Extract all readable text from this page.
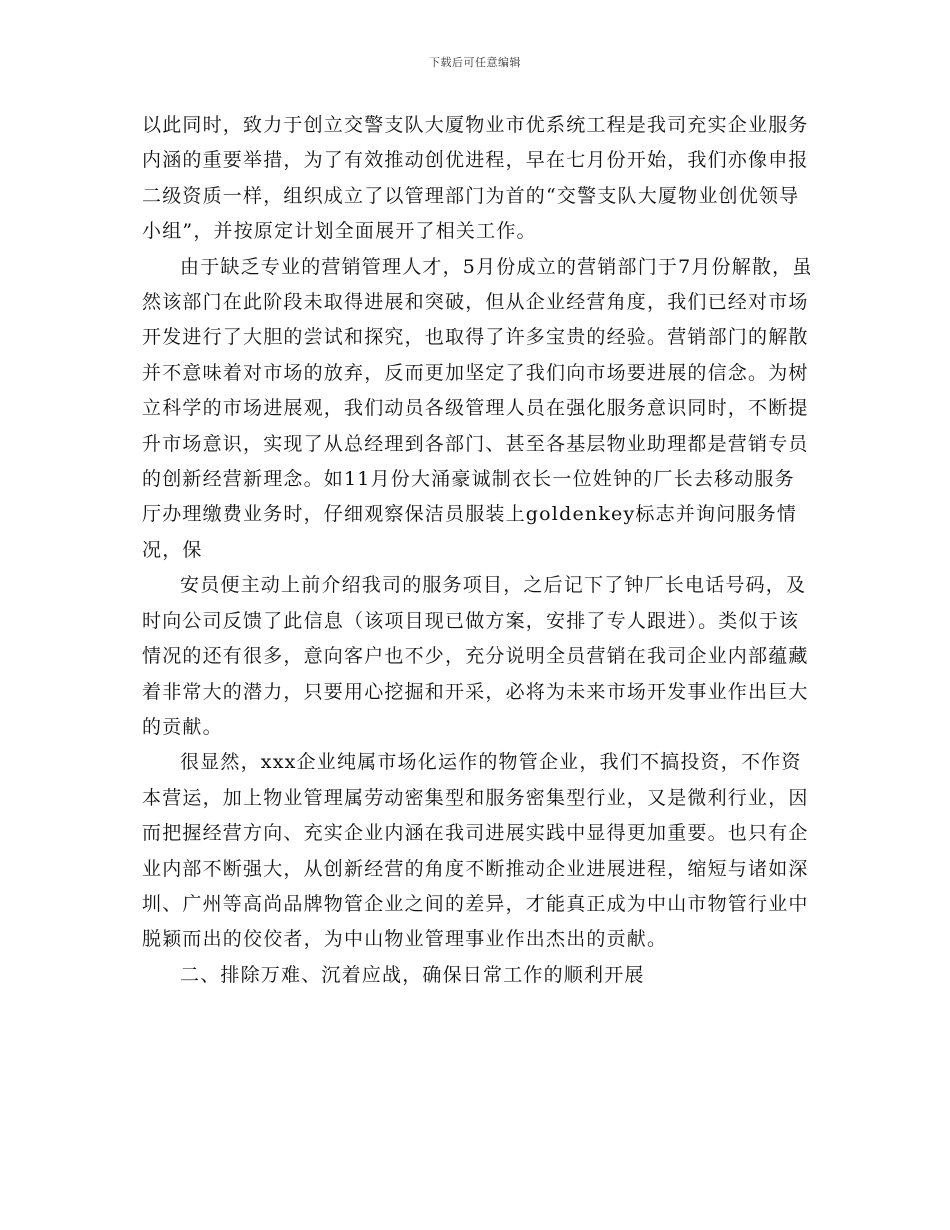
下载后可任意编辑

以此同时，致力于创立交警支队大厦物业市优系统工程是我司充实企业服务内涵的重要举措，为了有效推动创优进程，早在七月份开始，我们亦像申报二级资质一样，组织成立了以管理部门为首的“交警支队大厦物业创优领导小组”，并按原定计划全面展开了相关工作。

由于缺乏专业的营销管理人才，5月份成立的营销部门于7月份解散，虽然该部门在此阶段未取得进展和突破，但从企业经营角度，我们已经对市场开发进行了大胆的尝试和探究，也取得了许多宝贵的经验。营销部门的解散并不意味着对市场的放弃，反而更加坚定了我们向市场要进展的信念。为树立科学的市场进展观，我们动员各级管理人员在强化服务意识同时，不断提升市场意识，实现了从总经理到各部门、甚至各基层物业助理都是营销专员的创新经营新理念。如11月份大涌豪诚制衣长一位姓钟的厂长去移动服务厅办理缴费业务时，仔细观察保洁员服装上goldenkey标志并询问服务情况，保

安员便主动上前介绍我司的服务项目，之后记下了钟厂长电话号码，及时向公司反馈了此信息（该项目现已做方案，安排了专人跟进）。类似于该情况的还有很多，意向客户也不少，充分说明全员营销在我司企业内部蕴藏着非常大的潜力，只要用心挖掘和开采，必将为未来市场开发事业作出巨大的贡献。

很显然，xxx企业纯属市场化运作的物管企业，我们不搞投资，不作资本营运，加上物业管理属劳动密集型和服务密集型行业，又是微利行业，因而把握经营方向、充实企业内涵在我司进展实践中显得更加重要。也只有企业内部不断强大，从创新经营的角度不断推动企业进展进程，缩短与诸如深圳、广州等高尚品牌物管企业之间的差异，才能真正成为中山市物管行业中脱颖而出的佼佼者，为中山物业管理事业作出杰出的贡献。

二、排除万难、沉着应战，确保日常工作的顺利开展
